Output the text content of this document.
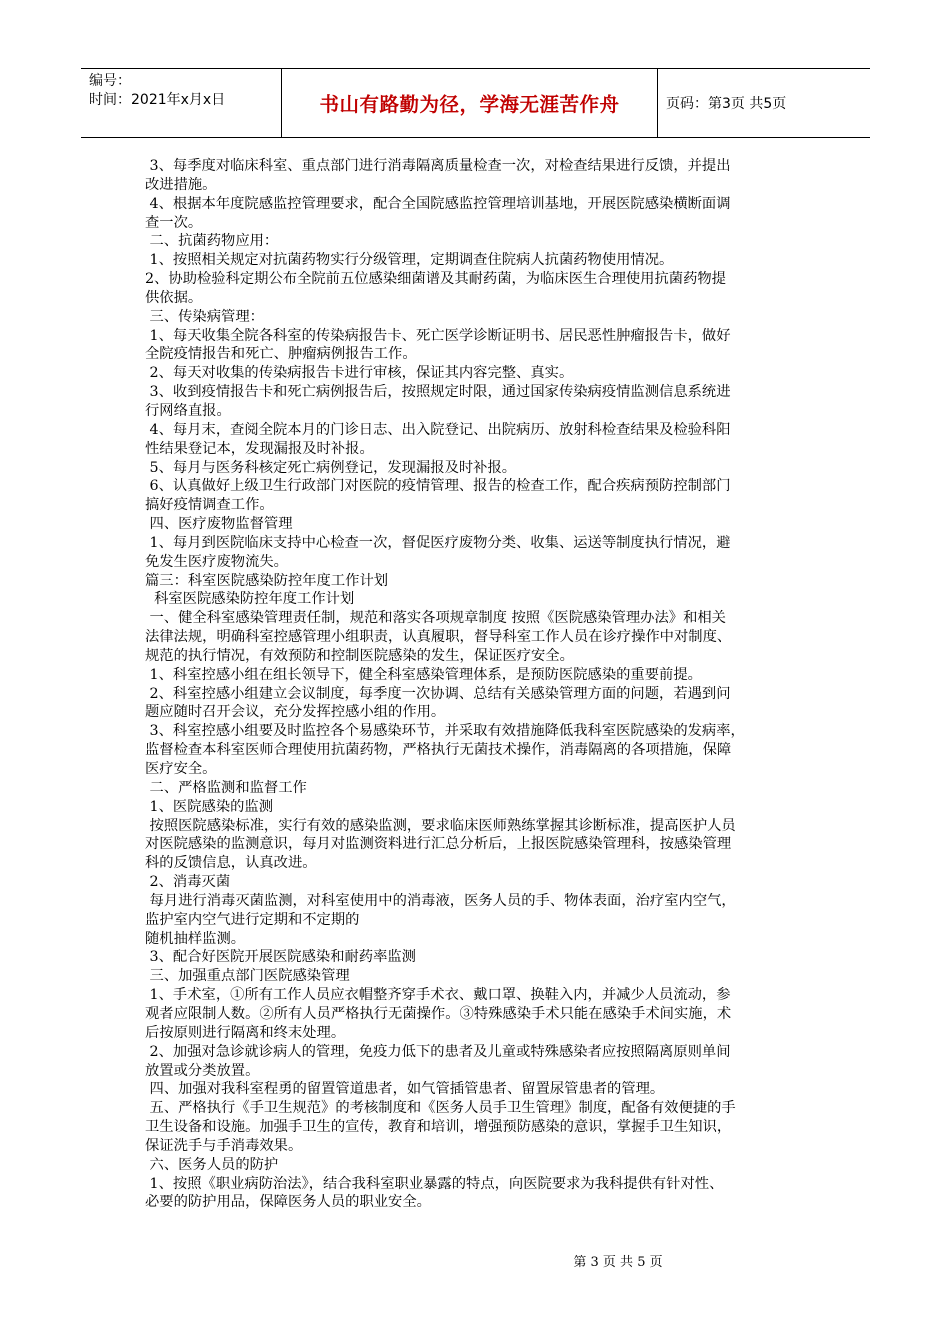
编号：
时间：2021年x月x日	书山有路勤为径，学海无涯苦作舟	页码：第3页 共5页

3、每季度对临床科室、重点部门进行消毒隔离质量检查一次，对检查结果进行反馈，并提出

改进措施。

4、根据本年度院感监控管理要求，配合全国院感监控管理培训基地，开展医院感染横断面调

查一次。

二、抗菌药物应用：

1、按照相关规定对抗菌药物实行分级管理，定期调查住院病人抗菌药物使用情况。

2、协助检验科定期公布全院前五位感染细菌谱及其耐药菌，为临床医生合理使用抗菌药物提

供依据。

三、传染病管理：

1、每天收集全院各科室的传染病报告卡、死亡医学诊断证明书、居民恶性肿瘤报告卡，做好

全院疫情报告和死亡、肿瘤病例报告工作。

2、每天对收集的传染病报告卡进行审核，保证其内容完整、真实。

3、收到疫情报告卡和死亡病例报告后，按照规定时限，通过国家传染病疫情监测信息系统进

行网络直报。

4、每月末，查阅全院本月的门诊日志、出入院登记、出院病历、放射科检查结果及检验科阳

性结果登记本，发现漏报及时补报。

5、每月与医务科核定死亡病例登记，发现漏报及时补报。

6、认真做好上级卫生行政部门对医院的疫情管理、报告的检查工作，配合疾病预防控制部门

搞好疫情调查工作。

四、医疗废物监督管理

1、每月到医院临床支持中心检查一次，督促医疗废物分类、收集、运送等制度执行情况，避

免发生医疗废物流失。

篇三：科室医院感染防控年度工作计划

科室医院感染防控年度工作计划

一、健全科室感染管理责任制，规范和落实各项规章制度 按照《医院感染管理办法》和相关

法律法规，明确科室控感管理小组职责，认真履职，督导科室工作人员在诊疗操作中对制度、

规范的执行情况，有效预防和控制医院感染的发生，保证医疗安全。

1、科室控感小组在组长领导下，健全科室感染管理体系，是预防医院感染的重要前提。

2、科室控感小组建立会议制度，每季度一次协调、总结有关感染管理方面的问题，若遇到问

题应随时召开会议，充分发挥控感小组的作用。

3、科室控感小组要及时监控各个易感染环节，并采取有效措施降低我科室医院感染的发病率，

监督检查本科室医师合理使用抗菌药物，严格执行无菌技术操作，消毒隔离的各项措施，保障

医疗安全。

二、严格监测和监督工作

1、医院感染的监测

按照医院感染标准，实行有效的感染监测，要求临床医师熟练掌握其诊断标准，提高医护人员

对医院感染的监测意识，每月对监测资料进行汇总分析后，上报医院感染管理科，按感染管理

科的反馈信息，认真改进。

2、消毒灭菌

每月进行消毒灭菌监测，对科室使用中的消毒液，医务人员的手、物体表面，治疗室内空气，

监护室内空气进行定期和不定期的

随机抽样监测。

3、配合好医院开展医院感染和耐药率监测

三、加强重点部门医院感染管理

1、手术室，①所有工作人员应衣帽整齐穿手术衣、戴口罩、换鞋入内，并减少人员流动，参

观者应限制人数。②所有人员严格执行无菌操作。③特殊感染手术只能在感染手术间实施，术

后按原则进行隔离和终末处理。

2、加强对急诊就诊病人的管理，免疫力低下的患者及儿童或特殊感染者应按照隔离原则单间

放置或分类放置。

四、加强对我科室程勇的留置管道患者，如气管插管患者、留置尿管患者的管理。

五、严格执行《手卫生规范》的考核制度和《医务人员手卫生管理》制度，配备有效便捷的手

卫生设备和设施。加强手卫生的宣传，教育和培训，增强预防感染的意识，掌握手卫生知识，

保证洗手与手消毒效果。

六、医务人员的防护

1、按照《职业病防治法》，结合我科室职业暴露的特点，向医院要求为我科提供有针对性、

必要的防护用品，保障医务人员的职业安全。

第 3 页 共 5 页
